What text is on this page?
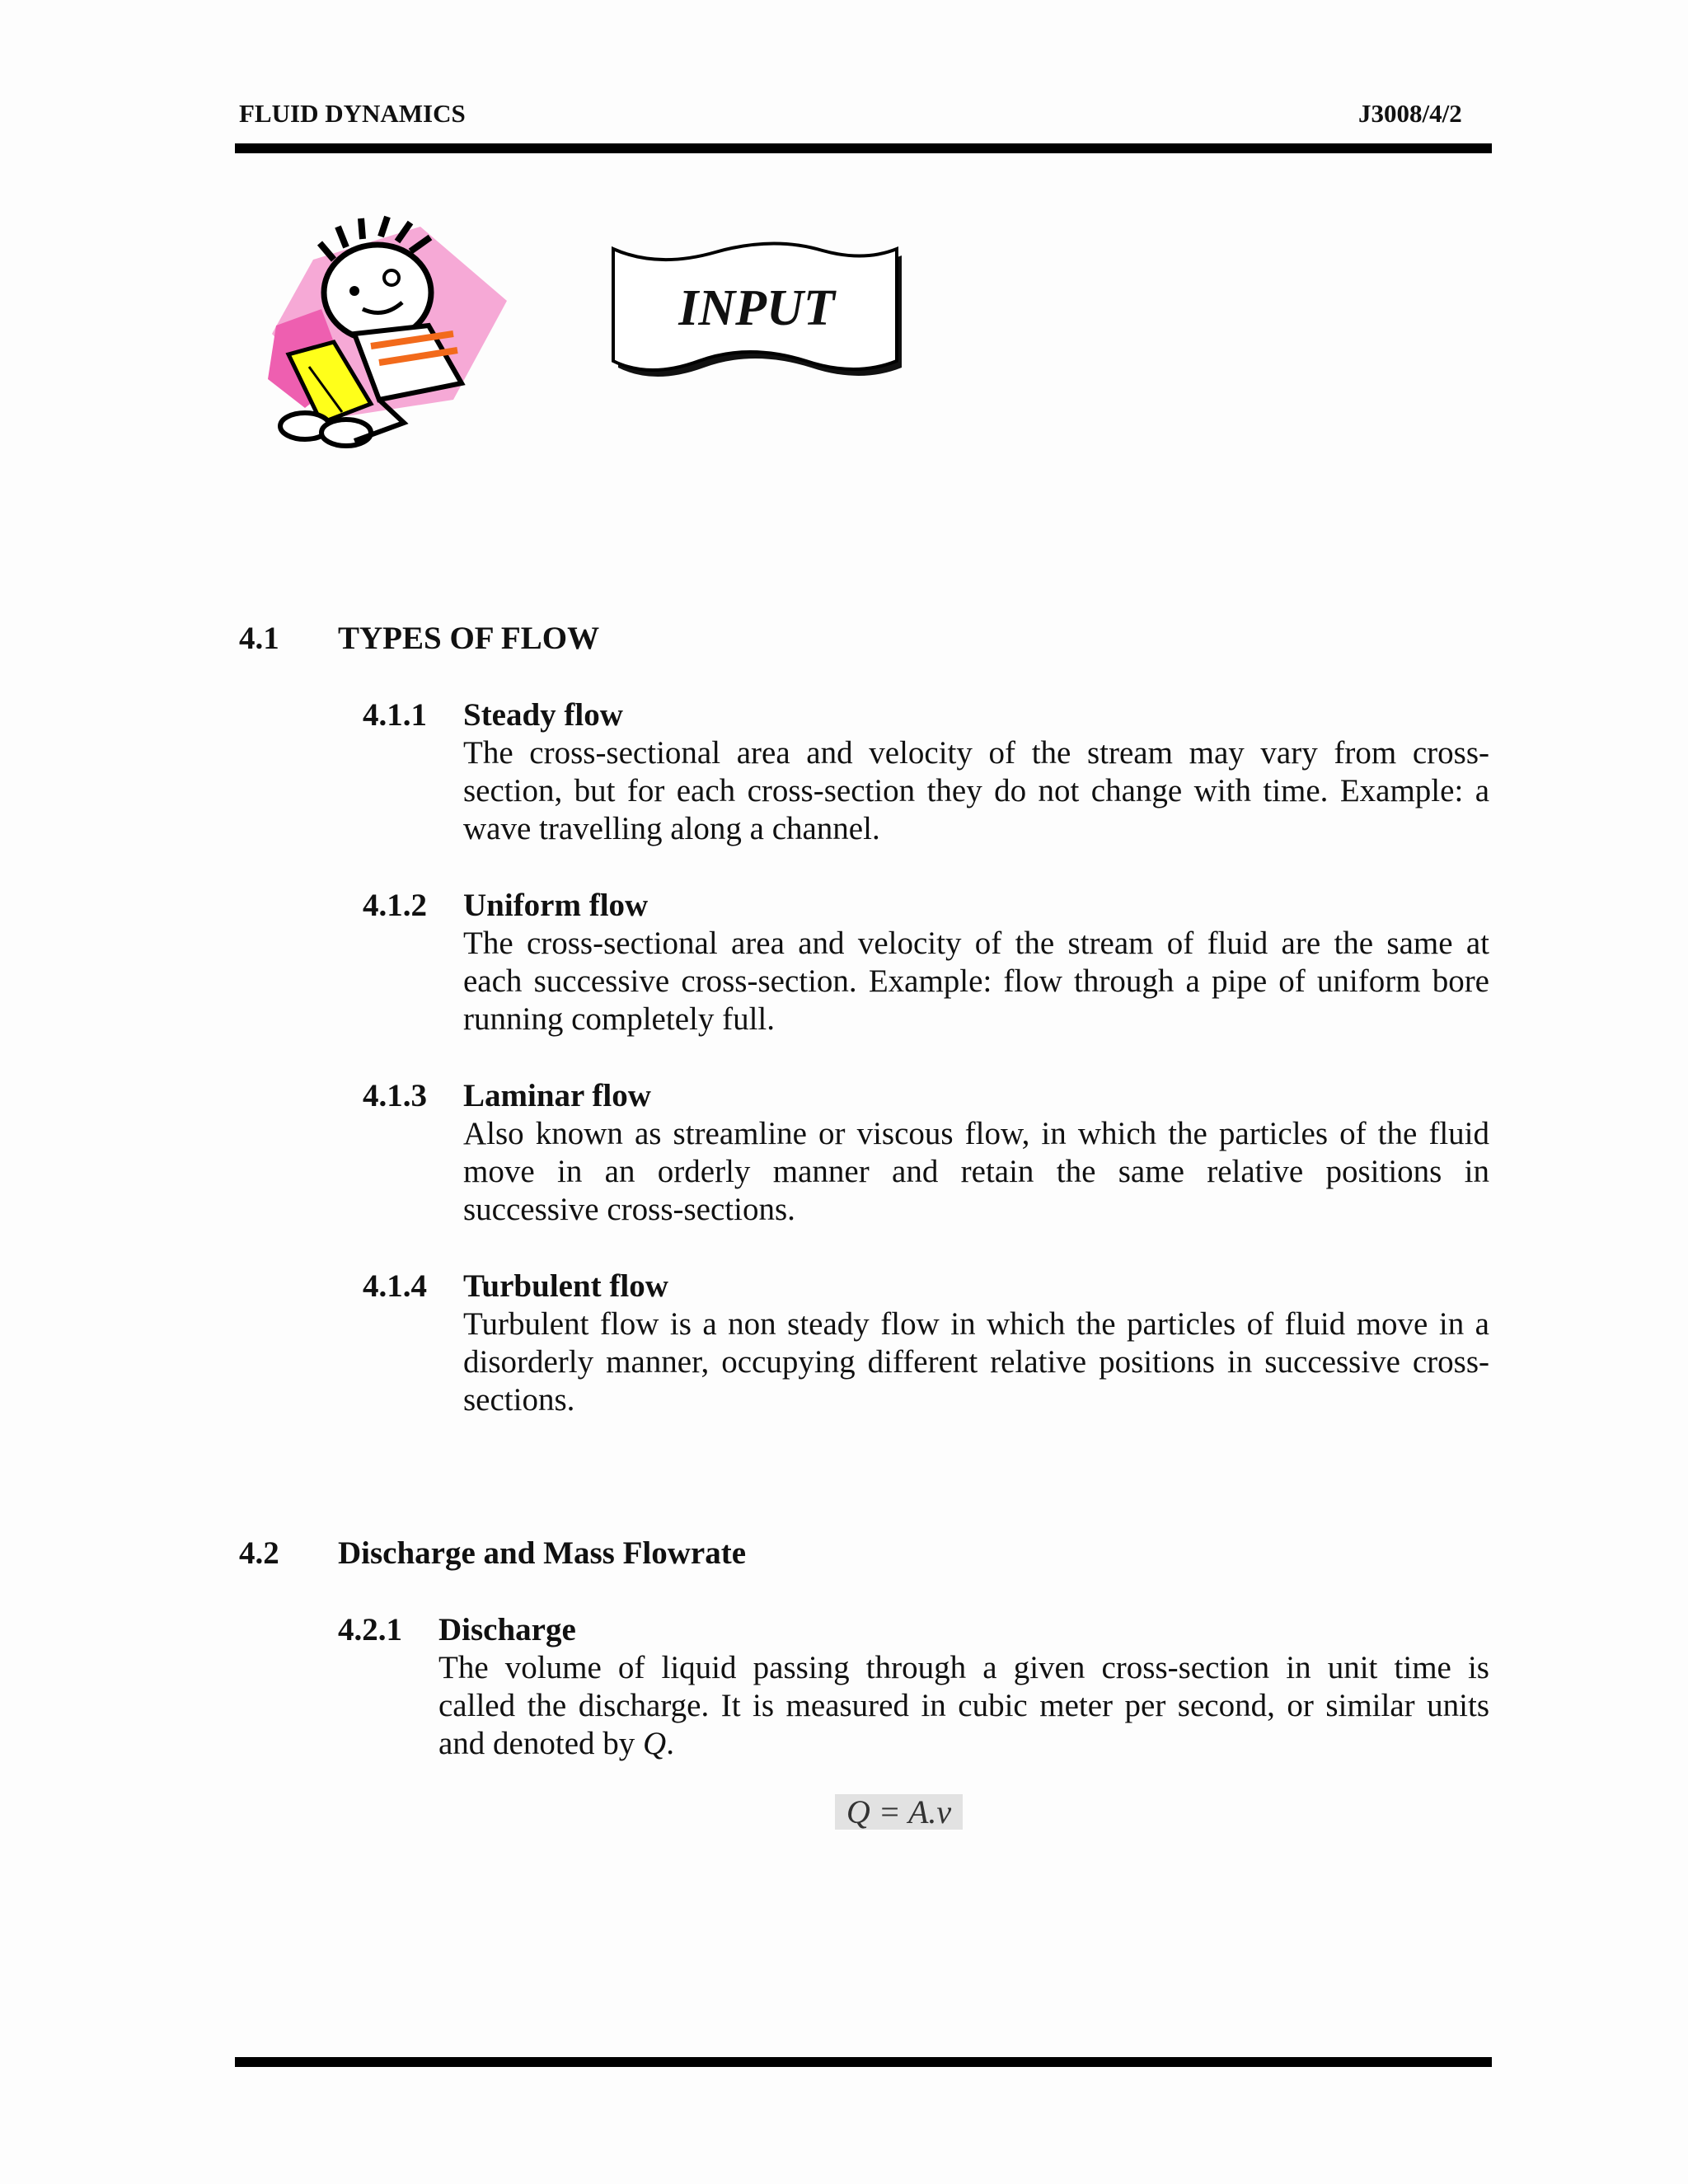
FLUID DYNAMICS	J3008/4/2
INPUT
4.1 TYPES OF FLOW
4.1.1 Steady flow
The cross-sectional area and velocity of the stream may vary from cross-
section, but for each cross-section they do not change with time. Example: a
wave travelling along a channel.
4.1.2 Uniform flow
The cross-sectional area and velocity of the stream of fluid are the same at
each successive cross-section. Example: flow through a pipe of uniform bore
running completely full.
4.1.3 Laminar flow
Also known as streamline or viscous flow, in which the particles of the fluid
move in an orderly manner and retain the same relative positions in
successive cross-sections.
4.1.4 Turbulent flow
Turbulent flow is a non steady flow in which the particles of fluid move in a
disorderly manner, occupying different relative positions in successive cross-
sections.
4.2 Discharge and Mass Flowrate
4.2.1 Discharge
The volume of liquid passing through a given cross-section in unit time is
called the discharge. It is measured in cubic meter per second, or similar units
and denoted by Q.
Q = A.v
